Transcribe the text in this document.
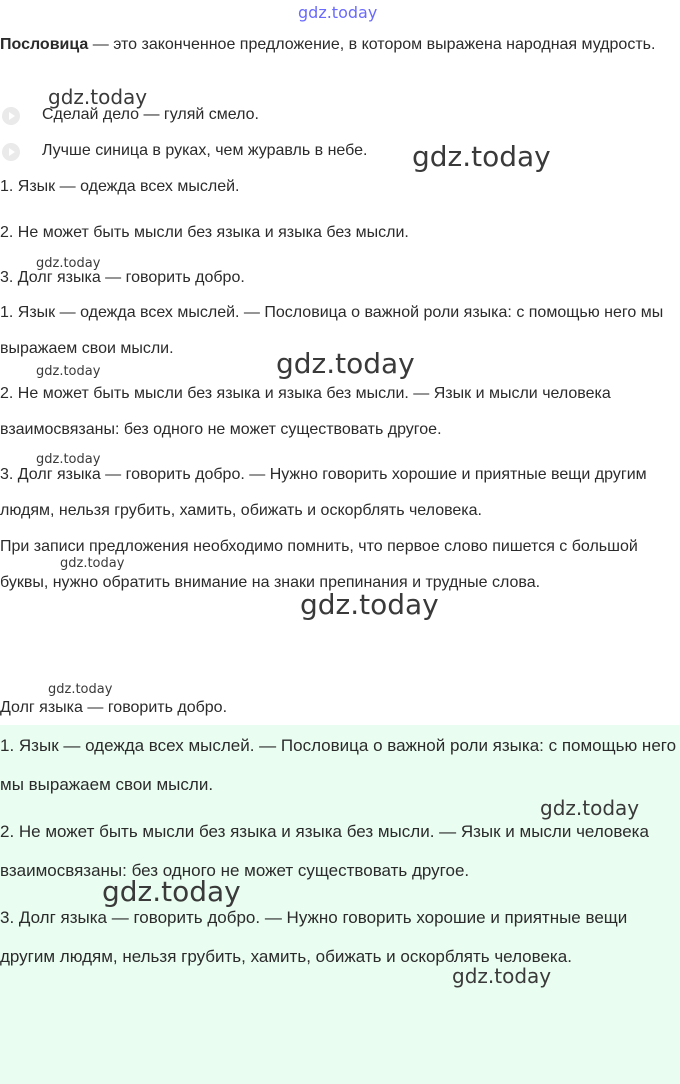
gdz.today
Пословица — это законченное предложение, в котором выражена народная мудрость.
Сделай дело — гуляй смело.
Лучше синица в руках, чем журавль в небе.
1. Язык — одежда всех мыслей.
2. Не может быть мысли без языка и языка без мысли.
3. Долг языка — говорить добро.
1. Язык — одежда всех мыслей. — Пословица о важной роли языка: с помощью него мы выражаем свои мысли.
2. Не может быть мысли без языка и языка без мысли. — Язык и мысли человека взаимосвязаны: без одного не может существовать другое.
3. Долг языка — говорить добро. — Нужно говорить хорошие и приятные вещи другим людям, нельзя грубить, хамить, обижать и оскорблять человека.
При записи предложения необходимо помнить, что первое слово пишется с большой буквы, нужно обратить внимание на знаки препинания и трудные слова.
Долг языка — говорить добро.
1. Язык — одежда всех мыслей. — Пословица о важной роли языка: с помощью него мы выражаем свои мысли.
2. Не может быть мысли без языка и языка без мысли. — Язык и мысли человека взаимосвязаны: без одного не может существовать другое.
3. Долг языка — говорить добро. — Нужно говорить хорошие и приятные вещи другим людям, нельзя грубить, хамить, обижать и оскорблять человека.
gdz.today
gdz.today
gdz.today
gdz.today
gdz.today
gdz.today
gdz.today
gdz.today
gdz.today
gdz.today
gdz.today
gdz.today
